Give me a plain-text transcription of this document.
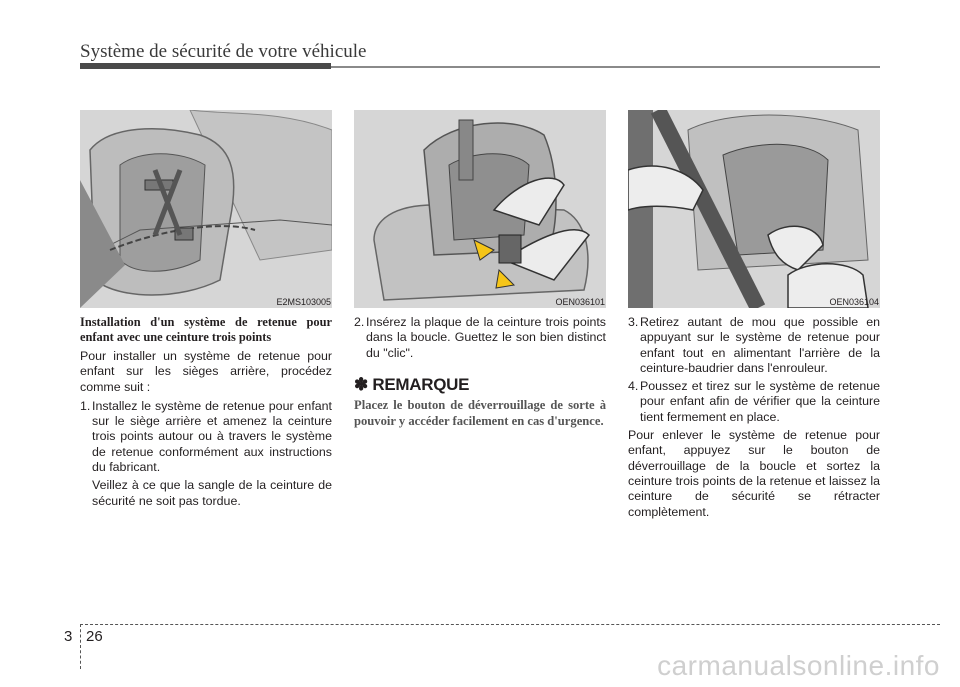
Système de sécurité de votre véhicule
E2MS103005	OEN036101	OEN036104

Installation d'un système de retenue pour enfant avec une ceinture trois points

Pour installer un système de retenue pour enfant sur les sièges arrière, procédez comme suit :

1. Installez le système de retenue pour enfant sur le siège arrière et amenez la ceinture trois points autour ou à travers le système de retenue conformément aux instructions du fabricant.

Veillez à ce que la sangle de la ceinture de sécurité ne soit pas tordue.

2. Insérez la plaque de la ceinture trois points dans la boucle. Guettez le son bien distinct du "clic".
✽ REMARQUE
Placez le bouton de déverrouillage de sorte à pouvoir y accéder facilement en cas d'urgence.
3. Retirez autant de mou que possible en appuyant sur le système de retenue pour enfant tout en alimentant l'arrière de la ceinture-baudrier dans l'enrouleur.
4. Poussez et tirez sur le système de retenue pour enfant afin de vérifier que la ceinture tient fermement en place.

Pour enlever le système de retenue pour enfant, appuyez sur le bouton de déverrouillage de la boucle et sortez la ceinture trois points de la retenue et laissez la ceinture de sécurité se rétracter complètement.

3 26
carmanualsonline.info
